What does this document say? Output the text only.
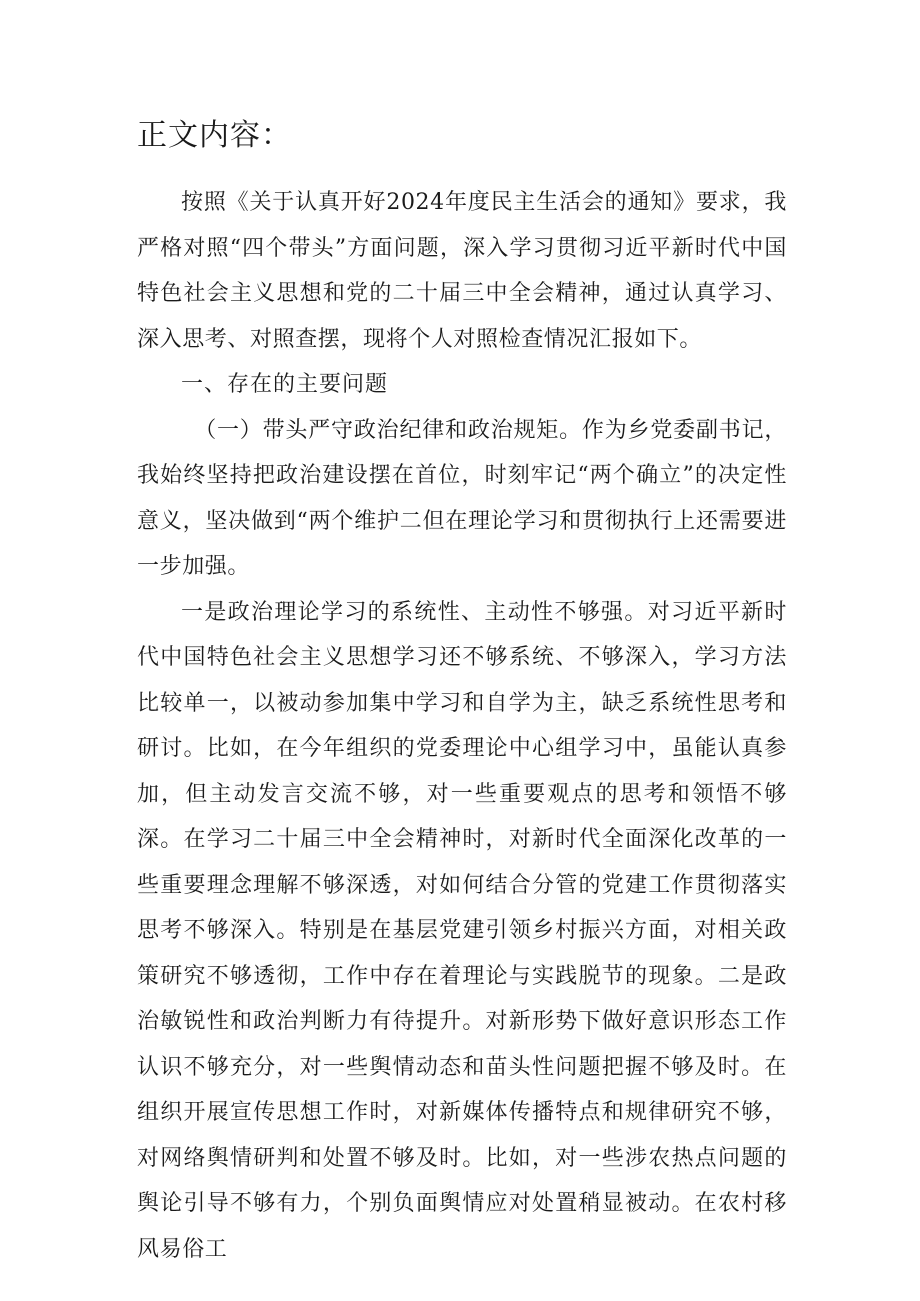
正文内容：

按照《关于认真开好2024年度民主生活会的通知》要求，我严格对照“四个带头”方面问题，深入学习贯彻习近平新时代中国特色社会主义思想和党的二十届三中全会精神，通过认真学习、深入思考、对照查摆，现将个人对照检查情况汇报如下。

一、存在的主要问题

（一）带头严守政治纪律和政治规矩。作为乡党委副书记，我始终坚持把政治建设摆在首位，时刻牢记“两个确立”的决定性意义，坚决做到“两个维护二但在理论学习和贯彻执行上还需要进一步加强。

一是政治理论学习的系统性、主动性不够强。对习近平新时代中国特色社会主义思想学习还不够系统、不够深入，学习方法比较单一，以被动参加集中学习和自学为主，缺乏系统性思考和研讨。比如，在今年组织的党委理论中心组学习中，虽能认真参加，但主动发言交流不够，对一些重要观点的思考和领悟不够深。在学习二十届三中全会精神时，对新时代全面深化改革的一些重要理念理解不够深透，对如何结合分管的党建工作贯彻落实思考不够深入。特别是在基层党建引领乡村振兴方面，对相关政策研究不够透彻，工作中存在着理论与实践脱节的现象。二是政治敏锐性和政治判断力有待提升。对新形势下做好意识形态工作认识不够充分，对一些舆情动态和苗头性问题把握不够及时。在组织开展宣传思想工作时，对新媒体传播特点和规律研究不够，对网络舆情研判和处置不够及时。比如，对一些涉农热点问题的舆论引导不够有力，个别负面舆情应对处置稍显被动。在农村移风易俗工
